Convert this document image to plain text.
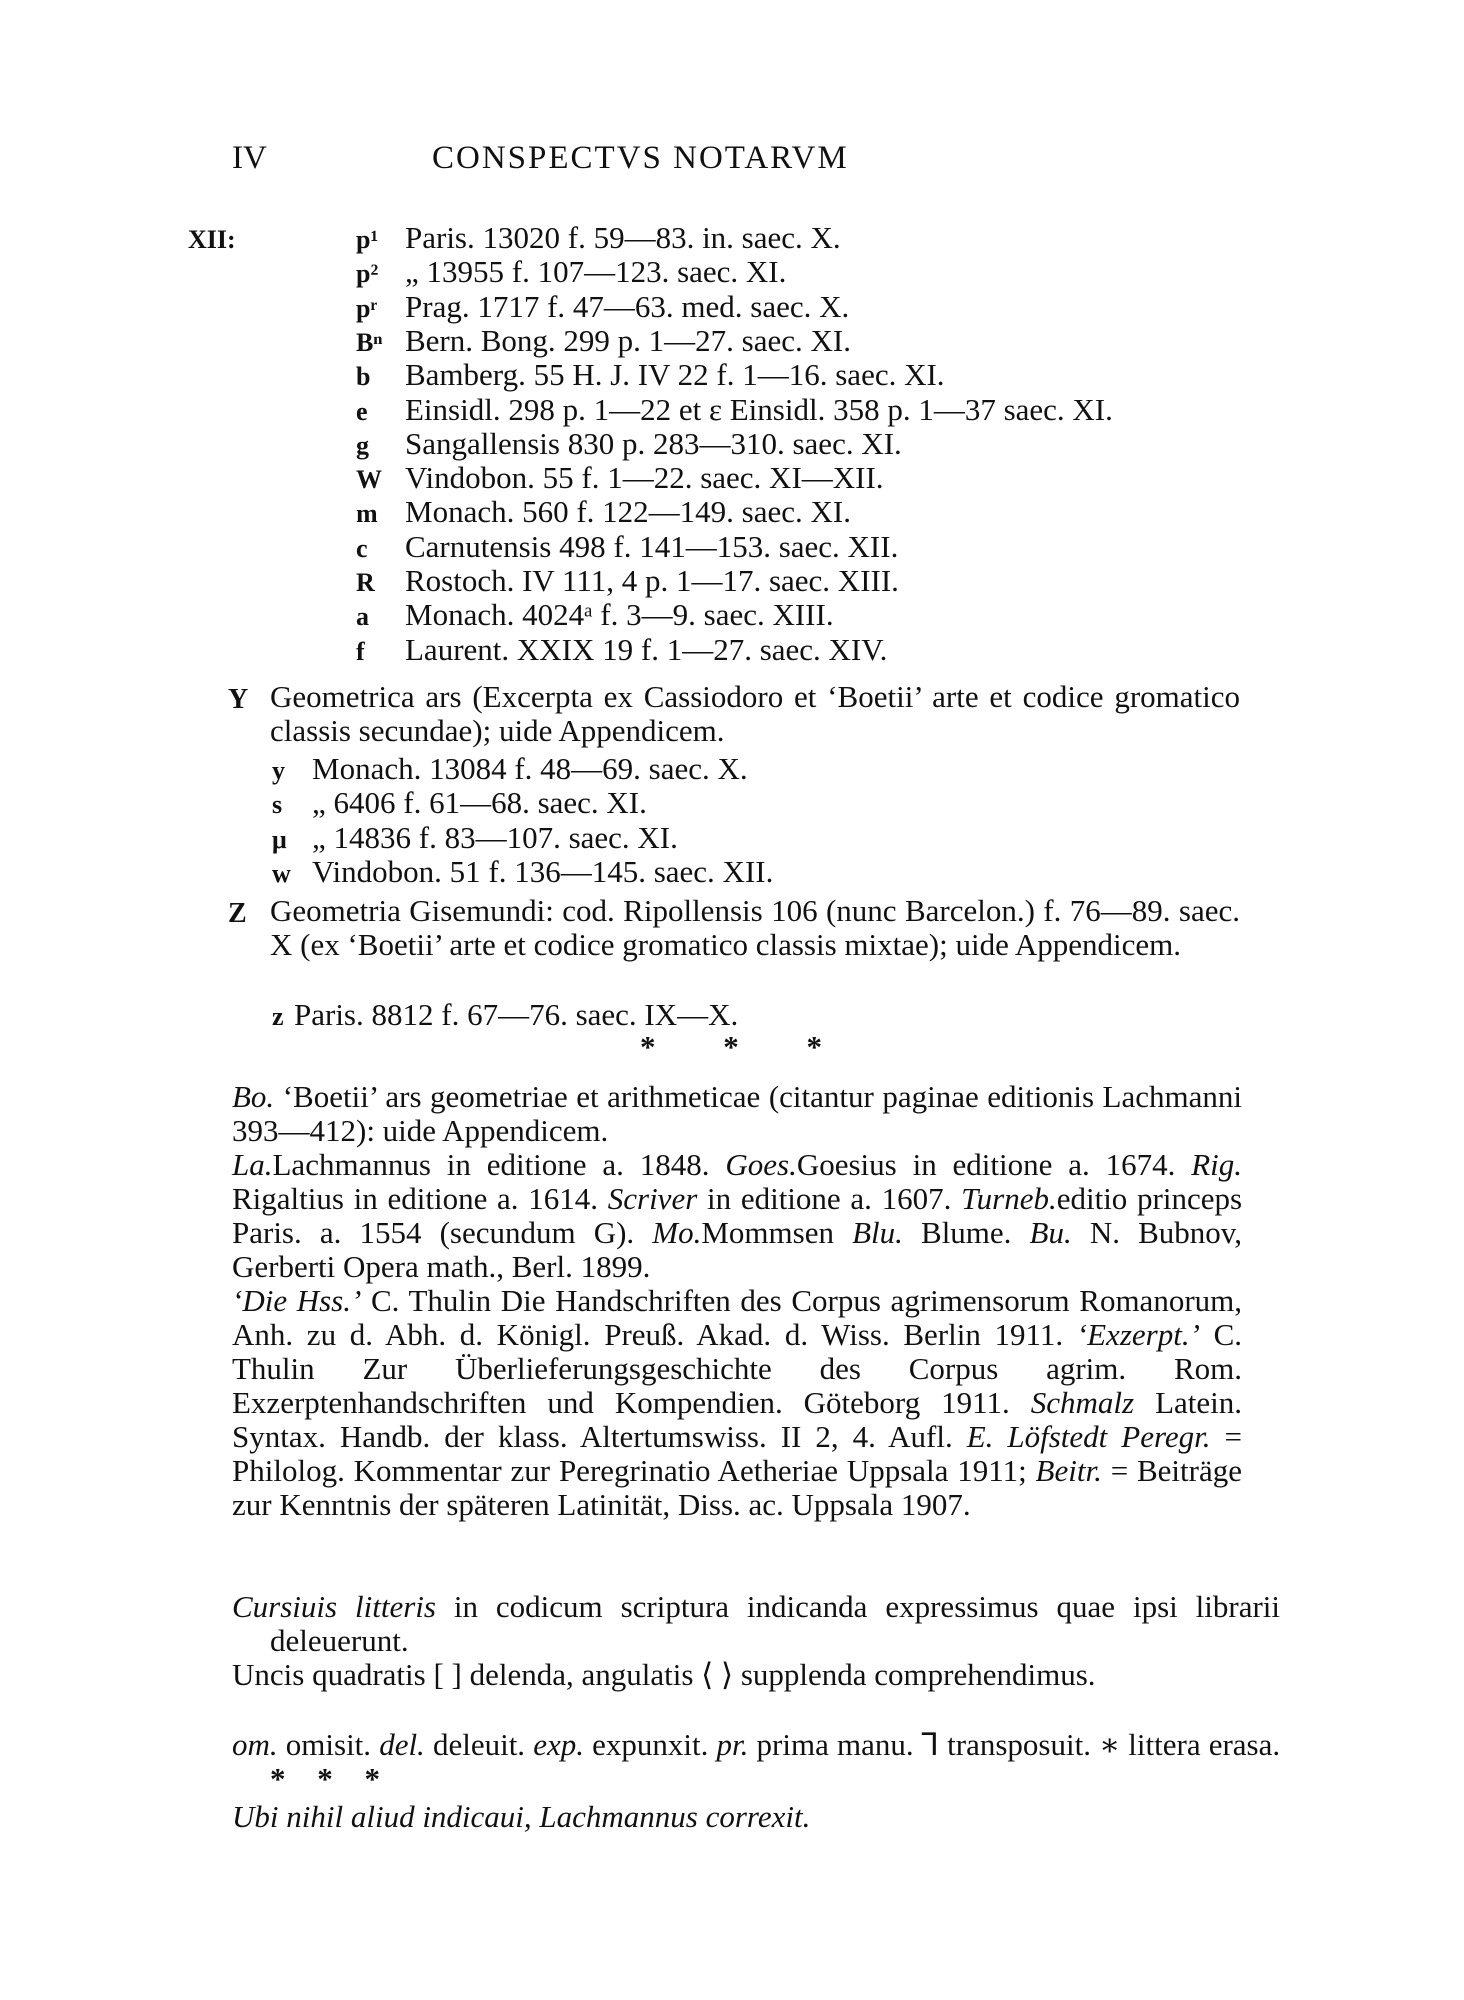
IV	CONSPECTVS NOTARVM
XII:	p¹ Paris. 13020 f. 59—83. in. saec. X.
p² „ 13955 f. 107—123. saec. XI.
pʳ Prag. 1717 f. 47—63. med. saec. X.
Bⁿ Bern. Bong. 299 p. 1—27. saec. XI.
b Bamberg. 55 H. J. IV 22 f. 1—16. saec. XI.
e Einsidl. 298 p. 1—22 et ε Einsidl. 358 p. 1—37 saec. XI.
g Sangallensis 830 p. 283—310. saec. XI.
W Vindobon. 55 f. 1—22. saec. XI—XII.
m Monach. 560 f. 122—149. saec. XI.
c Carnutensis 498 f. 141—153. saec. XII.
R Rostoch. IV 111, 4 p. 1—17. saec. XIII.
a Monach. 4024ᵃ f. 3—9. saec. XIII.
f Laurent. XXIX 19 f. 1—27. saec. XIV.
Y Geometrica ars (Excerpta ex Cassiodoro et ‘Boetii’ arte et codice gromatico classis secundae); uide Appendicem.
y Monach. 13084 f. 48—69. saec. X.
s „ 6406 f. 61—68. saec. XI.
μ „ 14836 f. 83—107. saec. XI.
w Vindobon. 51 f. 136—145. saec. XII.
Z Geometria Gisemundi: cod. Ripollensis 106 (nunc Barcelon.) f. 76—89. saec. X (ex ‘Boetii’ arte et codice gromatico classis mixtae); uide Appendicem.
z Paris. 8812 f. 67—76. saec. IX—X.
* * *
Bo. ‘Boetii’ ars geometriae et arithmeticae (citantur paginae editionis Lachmanni 393—412): uide Appendicem.
La.Lachmannus in editione a. 1848. Goes.Goesius in editione a. 1674. Rig. Rigaltius in editione a. 1614. Scriver in editione a. 1607. Turneb.editio princeps Paris. a. 1554 (secundum G). Mo.Mommsen Blu. Blume. Bu. N. Bubnov, Gerberti Opera math., Berl. 1899.
‘Die Hss.’ C. Thulin Die Handschriften des Corpus agrimensorum Romanorum, Anh. zu d. Abh. d. Königl. Preuß. Akad. d. Wiss. Berlin 1911. ‘Exzerpt.’ C. Thulin Zur Überlieferungsgeschichte des Corpus agrim. Rom. Exzerptenhandschriften und Kompendien. Göteborg 1911. Schmalz Latein. Syntax. Handb. der klass. Altertumswiss. II 2, 4. Aufl. E. Löfstedt Peregr. = Philolog. Kommentar zur Peregrinatio Aetheriae Uppsala 1911; Beitr. = Beiträge zur Kenntnis der späteren Latinität, Diss. ac. Uppsala 1907.
Cursiuis litteris in codicum scriptura indicanda expressimus quae ipsi librarii deleuerunt.
Uncis quadratis [ ] delenda, angulatis ⟨ ⟩ supplenda comprehendimus.
om. omisit. del. deleuit. exp. expunxit. pr. prima manu. ⅂ transposuit. ∗ littera erasa. * * *
Ubi nihil aliud indicaui, Lachmannus correxit.
